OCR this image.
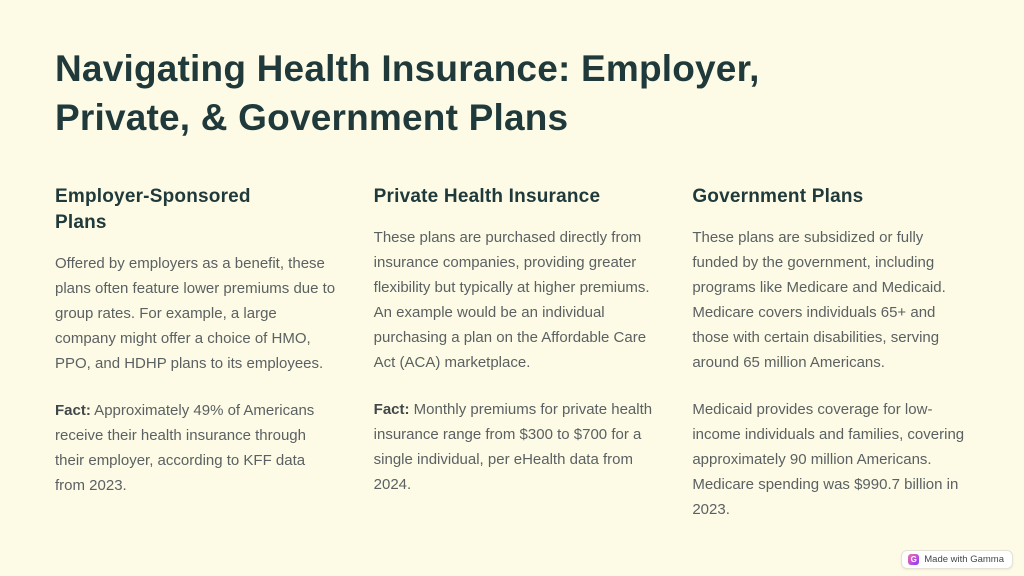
Navigating Health Insurance: Employer,
Private, & Government Plans
Employer-Sponsored Plans

Offered by employers as a benefit, these plans often feature lower premiums due to group rates. For example, a large company might offer a choice of HMO, PPO, and HDHP plans to its employees.

Fact: Approximately 49% of Americans receive their health insurance through their employer, according to KFF data from 2023.

Private Health Insurance

These plans are purchased directly from insurance companies, providing greater flexibility but typically at higher premiums. An example would be an individual purchasing a plan on the Affordable Care Act (ACA) marketplace.

Fact: Monthly premiums for private health insurance range from $300 to $700 for a single individual, per eHealth data from 2024.

Government Plans

These plans are subsidized or fully funded by the government, including programs like Medicare and Medicaid. Medicare covers individuals 65+ and those with certain disabilities, serving around 65 million Americans.

Medicaid provides coverage for low-income individuals and families, covering approximately 90 million Americans. Medicare spending was $990.7 billion in 2023.

G Made with Gamma
